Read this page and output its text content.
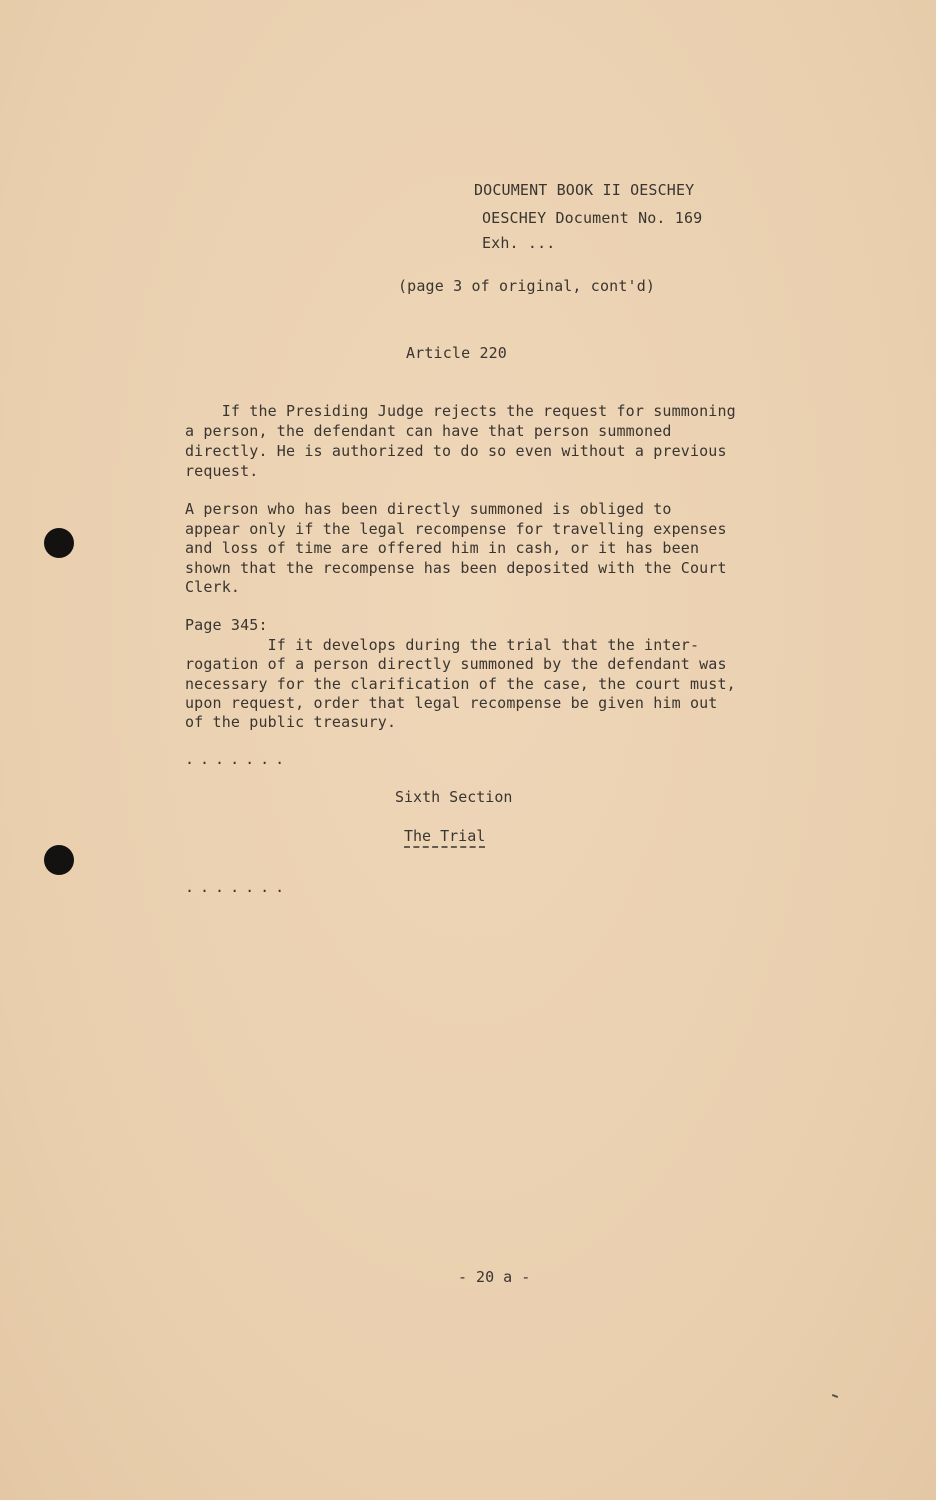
DOCUMENT BOOK II OESCHEY
OESCHEY Document No. 169
Exh. ...
(page 3 of original, cont'd)
Article 220
If the Presiding Judge rejects the request for summoning
a person, the defendant can have that person summoned
directly. He is authorized to do so even without a previous
request.
A person who has been directly summoned is obliged to
appear only if the legal recompense for travelling expenses
and loss of time are offered him in cash, or it has been
shown that the recompense has been deposited with the Court
Clerk.
Page 345:
If it develops during the trial that the inter-
rogation of a person directly summoned by the defendant was
necessary for the clarification of the case, the court must,
upon request, order that legal recompense be given him out
of the public treasury.
.......
Sixth Section
The Trial
.......
- 20 a -
